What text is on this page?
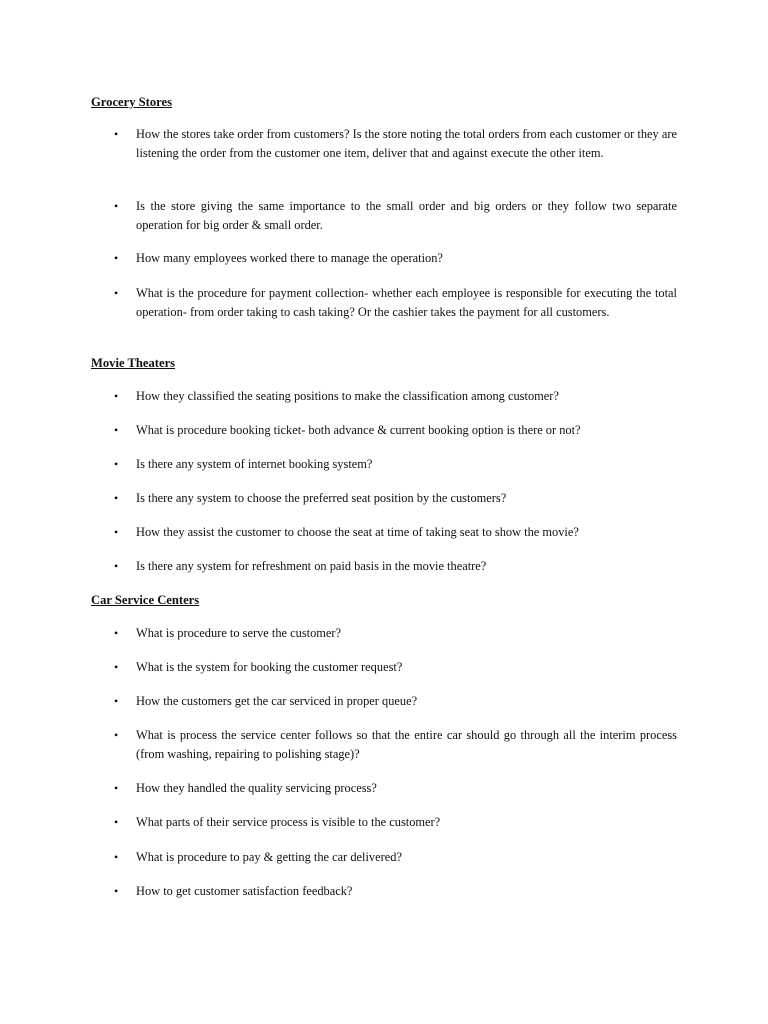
Grocery Stores
• How the stores take order from customers? Is the store noting the total orders from each customer or they are listening the order from the customer one item, deliver that and against execute the other item.
• Is the store giving the same importance to the small order and big orders or they follow two separate operation for big order & small order.
• How many employees worked there to manage the operation?
• What is the procedure for payment collection- whether each employee is responsible for executing the total operation- from order taking to cash taking? Or the cashier takes the payment for all customers.
Movie Theaters
• How they classified the seating positions to make the classification among customer?
• What is procedure booking ticket- both advance & current booking option is there or not?
• Is there any system of internet booking system?
• Is there any system to choose the preferred seat position by the customers?
• How they assist the customer to choose the seat at time of taking seat to show the movie?
• Is there any system for refreshment on paid basis in the movie theatre?
Car Service Centers
• What is procedure to serve the customer?
• What is the system for booking the customer request?
• How the customers get the car serviced in proper queue?
• What is process the service center follows so that the entire car should go through all the interim process (from washing, repairing to polishing stage)?
• How they handled the quality servicing process?
• What parts of their service process is visible to the customer?
• What is procedure to pay & getting the car delivered?
• How to get customer satisfaction feedback?
